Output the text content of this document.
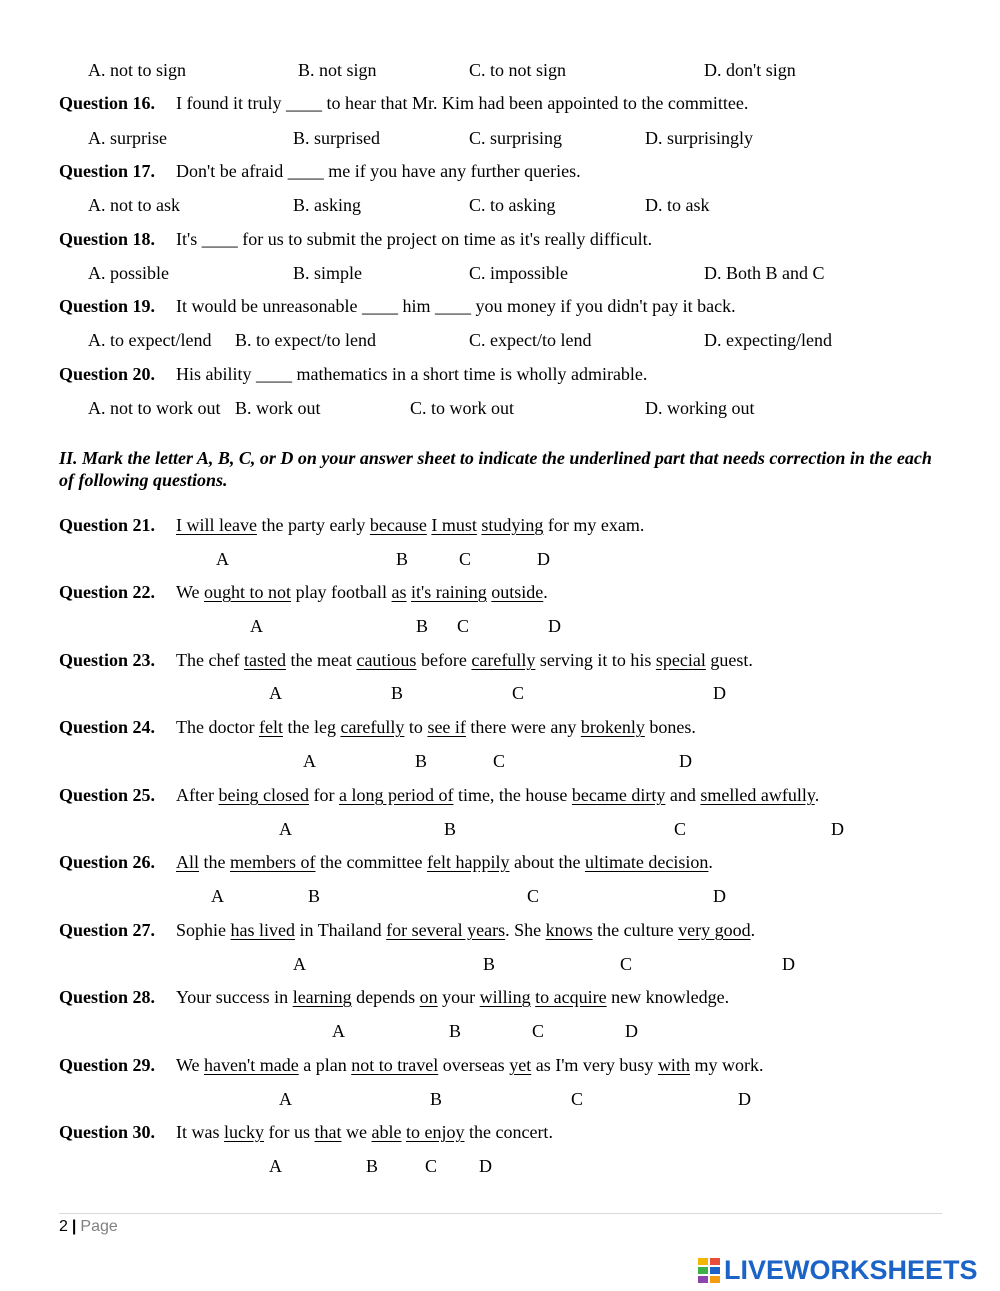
A. not to sign	B. not sign	C. to not sign	D. don't sign
Question 16. I found it truly ____ to hear that Mr. Kim had been appointed to the committee.
A. surprise	B. surprised	C. surprising	D. surprisingly
Question 17. Don't be afraid ____ me if you have any further queries.
A. not to ask	B. asking	C. to asking	D. to ask
Question 18. It's ____ for us to submit the project on time as it's really difficult.
A. possible	B. simple	C. impossible	D. Both B and C
Question 19. It would be unreasonable ____ him ____ you money if you didn't pay it back.
A. to expect/lend B. to expect/to lend	C. expect/to lend	D. expecting/lend
Question 20. His ability ____ mathematics in a short time is wholly admirable.
A. not to work out B. work out	C. to work out	D. working out
II. Mark the letter A, B, C, or D on your answer sheet to indicate the underlined part that needs correction in the each of following questions.
Question 21. I will leave the party early because I must studying for my exam.
A	B	C	D
Question 22. We ought to not play football as it's raining outside.
A	B C	D
Question 23. The chef tasted the meat cautious before carefully serving it to his special guest.
A	B	C	D
Question 24. The doctor felt the leg carefully to see if there were any brokenly bones.
A	B	C	D
Question 25. After being closed for a long period of time, the house became dirty and smelled awfully.
A	B	C	D
Question 26. All the members of the committee felt happily about the ultimate decision.
A	B	C	D
Question 27. Sophie has lived in Thailand for several years. She knows the culture very good.
A	B	C	D
Question 28. Your success in learning depends on your willing to acquire new knowledge.
A	B	C	D
Question 29. We haven't made a plan not to travel overseas yet as I'm very busy with my work.
A	B	C	D
Question 30. It was lucky for us that we able to enjoy the concert.
A	B	C D
2 | Page
LIVEWORKSHEETS
